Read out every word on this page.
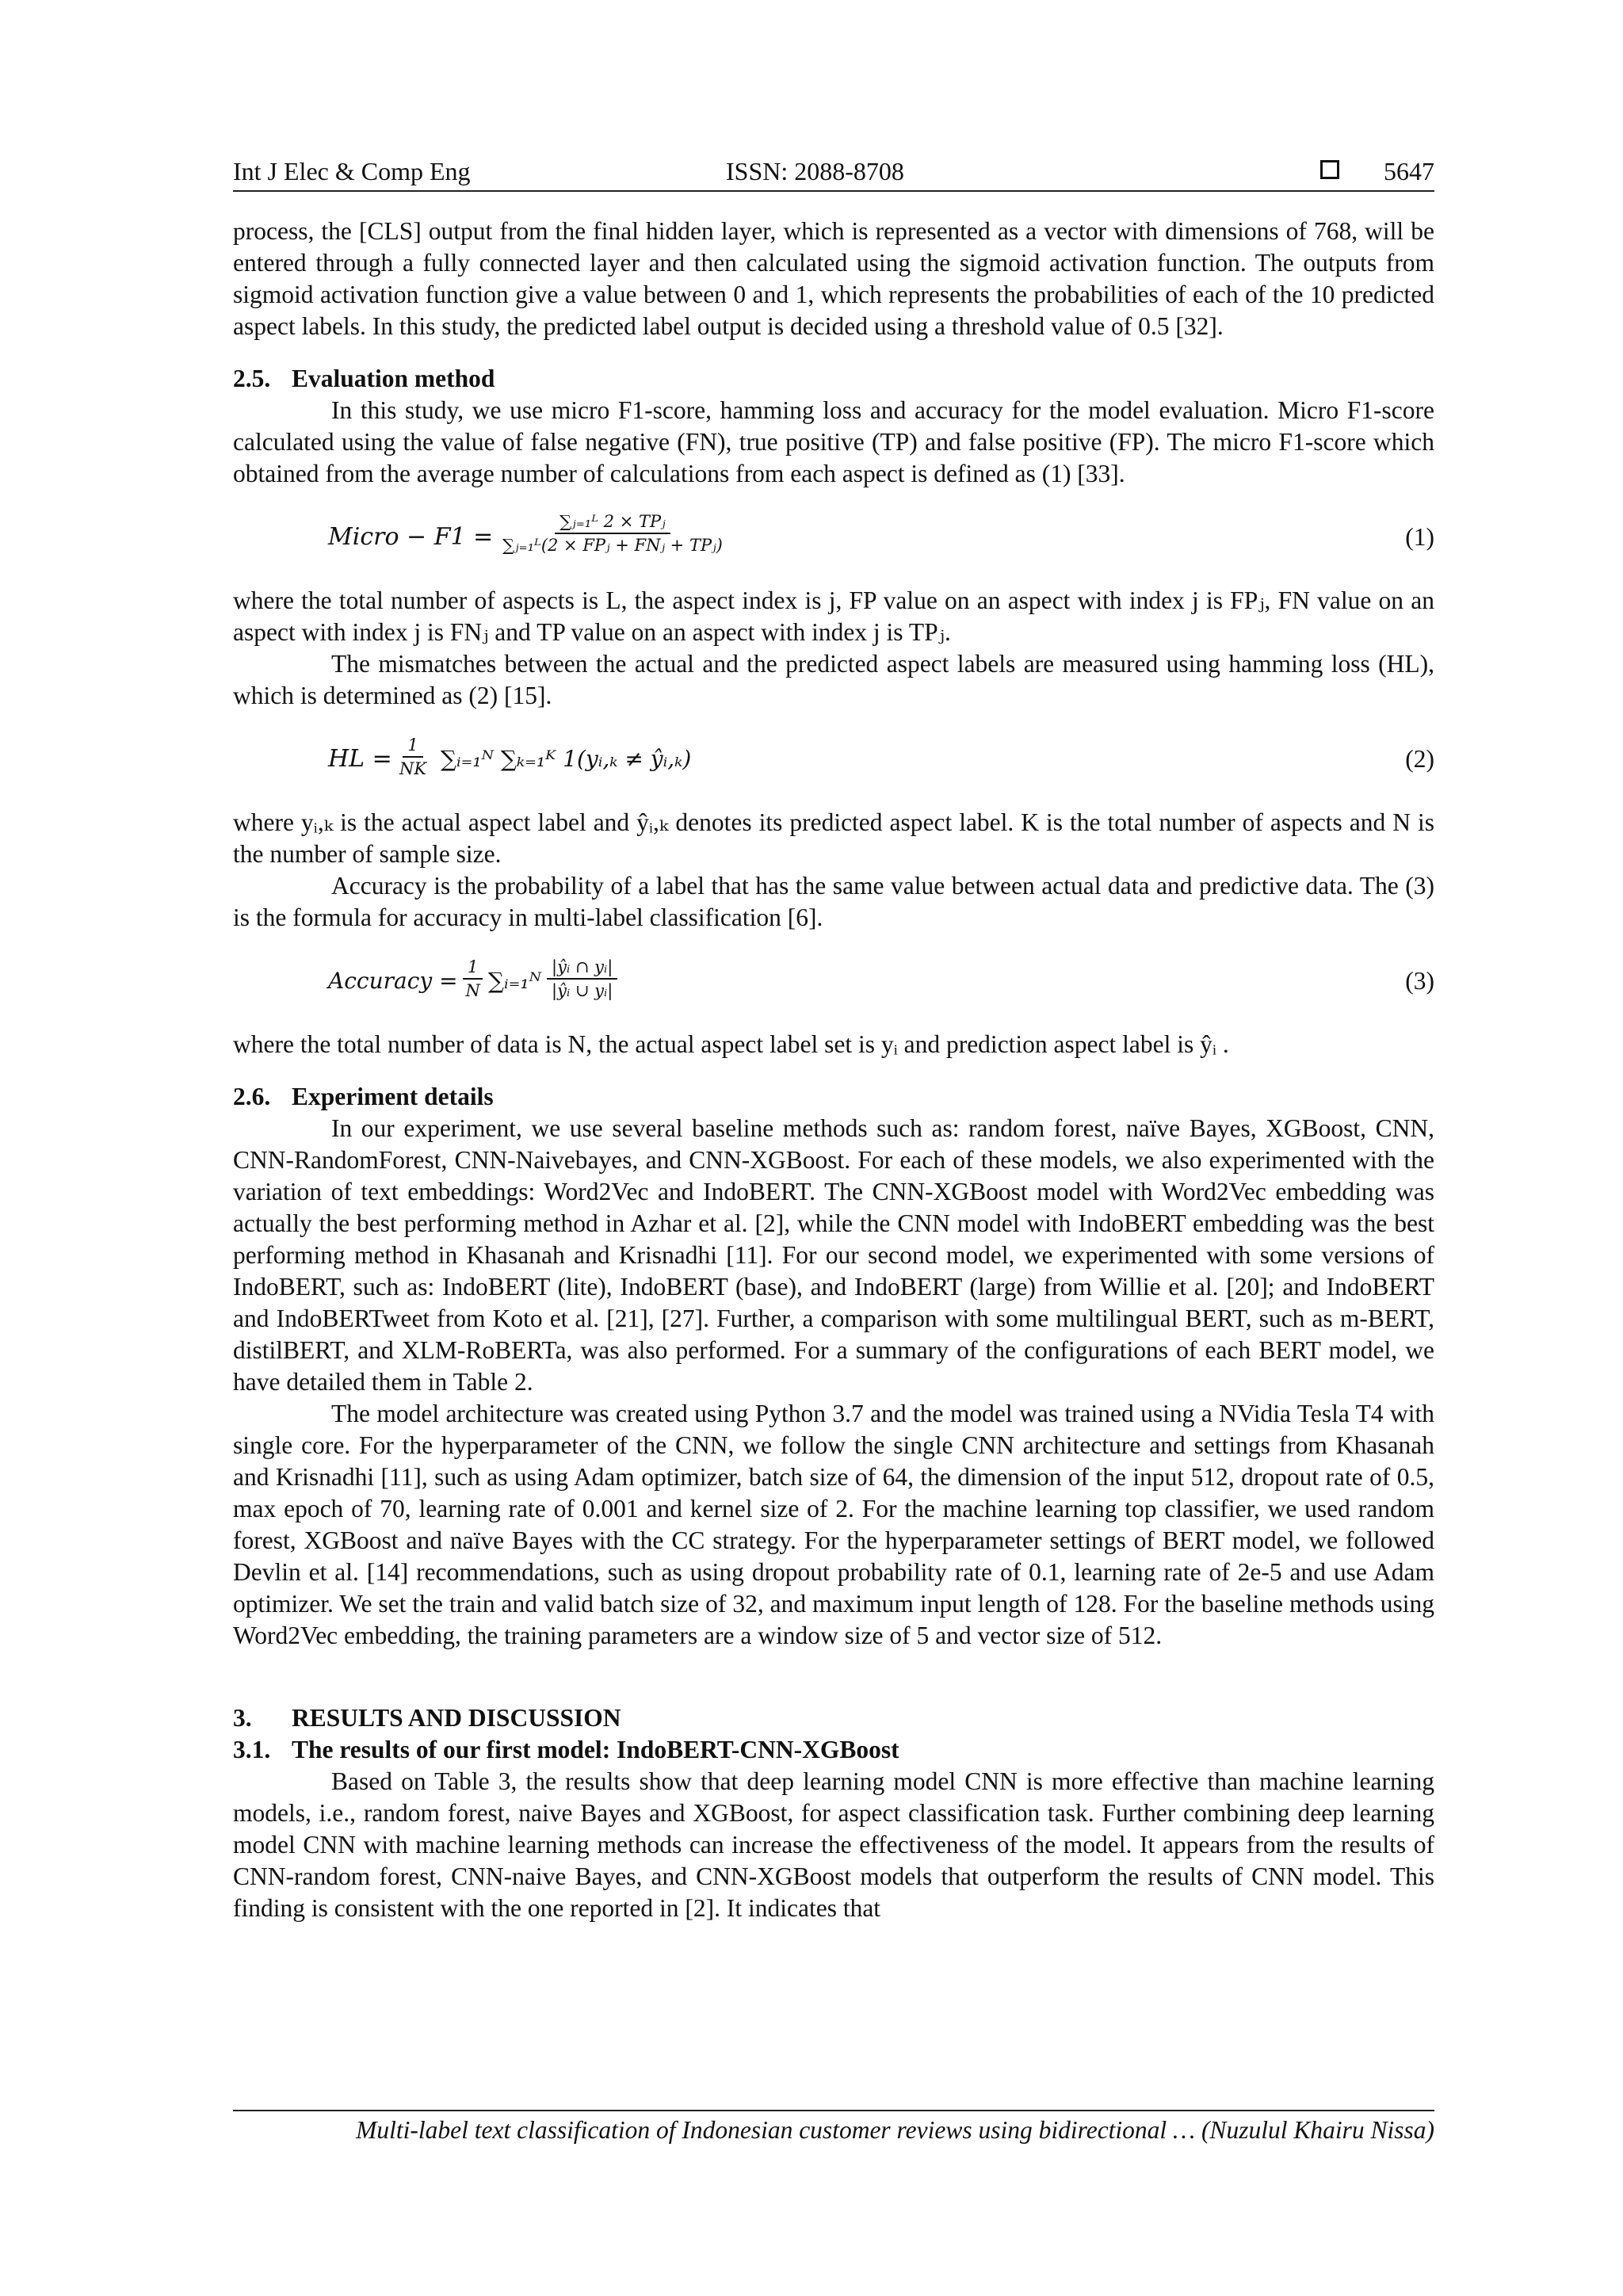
Int J Elec & Comp Eng	ISSN: 2088-8708	5647

process, the [CLS] output from the final hidden layer, which is represented as a vector with dimensions of 768, will be entered through a fully connected layer and then calculated using the sigmoid activation function. The outputs from sigmoid activation function give a value between 0 and 1, which represents the probabilities of each of the 10 predicted aspect labels. In this study, the predicted label output is decided using a threshold value of 0.5 [32].

2.5. Evaluation method

In this study, we use micro F1-score, hamming loss and accuracy for the model evaluation. Micro F1-score calculated using the value of false negative (FN), true positive (TP) and false positive (FP). The micro F1-score which obtained from the average number of calculations from each aspect is defined as (1) [33].

Micro − F1 =
∑ⱼ₌₁ᴸ 2 × TPⱼ
∑ⱼ₌₁ᴸ(2 × FPⱼ + FNⱼ + TPⱼ)	(1)

where the total number of aspects is L, the aspect index is j, FP value on an aspect with index j is FPⱼ, FN value on an aspect with index j is FNⱼ and TP value on an aspect with index j is TPⱼ.

The mismatches between the actual and the predicted aspect labels are measured using hamming loss (HL), which is determined as (2) [15].

HL = $\frac{1}{NK}$ ∑ᵢ₌₁ᴺ ∑ₖ₌₁ᴷ 1(yᵢ,ₖ ≠ ŷᵢ,ₖ)	(2)

where yᵢ,ₖ is the actual aspect label and ŷᵢ,ₖ denotes its predicted aspect label. K is the total number of aspects and N is the number of sample size.

Accuracy is the probability of a label that has the same value between actual data and predictive data. The (3) is the formula for accuracy in multi-label classification [6].

Accuracy = $\frac{1}{N}$ ∑ᵢ₌₁ᴺ $\frac{\text{|ŷᵢ ∩ yᵢ|}}{\text{|ŷᵢ ∪ yᵢ|}}$	(3)

where the total number of data is N, the actual aspect label set is yᵢ and prediction aspect label is ŷᵢ .

2.6. Experiment details

In our experiment, we use several baseline methods such as: random forest, naïve Bayes, XGBoost, CNN, CNN-RandomForest, CNN-Naivebayes, and CNN-XGBoost. For each of these models, we also experimented with the variation of text embeddings: Word2Vec and IndoBERT. The CNN-XGBoost model with Word2Vec embedding was actually the best performing method in Azhar et al. [2], while the CNN model with IndoBERT embedding was the best performing method in Khasanah and Krisnadhi [11]. For our second model, we experimented with some versions of IndoBERT, such as: IndoBERT (lite), IndoBERT (base), and IndoBERT (large) from Willie et al. [20]; and IndoBERT and IndoBERTweet from Koto et al. [21], [27]. Further, a comparison with some multilingual BERT, such as m-BERT, distilBERT, and XLM-RoBERTa, was also performed. For a summary of the configurations of each BERT model, we have detailed them in Table 2.

The model architecture was created using Python 3.7 and the model was trained using a NVidia Tesla T4 with single core. For the hyperparameter of the CNN, we follow the single CNN architecture and settings from Khasanah and Krisnadhi [11], such as using Adam optimizer, batch size of 64, the dimension of the input 512, dropout rate of 0.5, max epoch of 70, learning rate of 0.001 and kernel size of 2. For the machine learning top classifier, we used random forest, XGBoost and naïve Bayes with the CC strategy. For the hyperparameter settings of BERT model, we followed Devlin et al. [14] recommendations, such as using dropout probability rate of 0.1, learning rate of 2e-5 and use Adam optimizer. We set the train and valid batch size of 32, and maximum input length of 128. For the baseline methods using Word2Vec embedding, the training parameters are a window size of 5 and vector size of 512.

3. RESULTS AND DISCUSSION

3.1. The results of our first model: IndoBERT-CNN-XGBoost

Based on Table 3, the results show that deep learning model CNN is more effective than machine learning models, i.e., random forest, naive Bayes and XGBoost, for aspect classification task. Further combining deep learning model CNN with machine learning methods can increase the effectiveness of the model. It appears from the results of CNN-random forest, CNN-naive Bayes, and CNN-XGBoost models that outperform the results of CNN model. This finding is consistent with the one reported in [2]. It indicates that

Multi-label text classification of Indonesian customer reviews using bidirectional … (Nuzulul Khairu Nissa)
